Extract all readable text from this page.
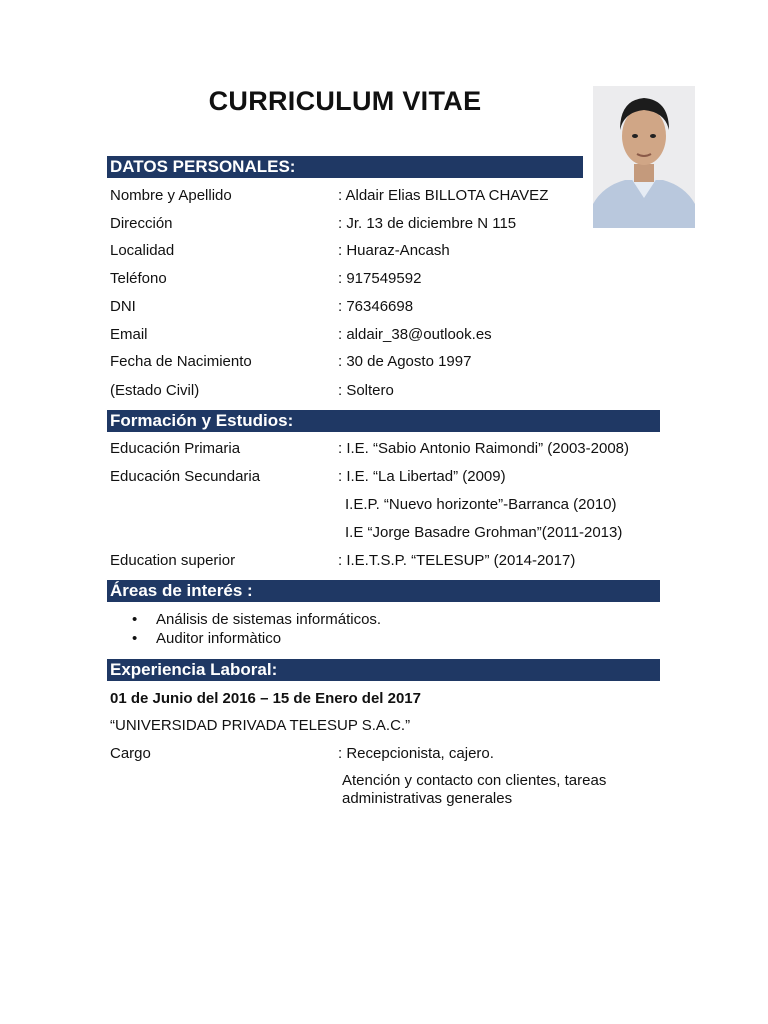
CURRICULUM VITAE
DATOS PERSONALES:
Nombre y Apellido	: Aldair Elias BILLOTA CHAVEZ
Dirección	: Jr. 13 de diciembre N 115
Localidad	: Huaraz-Ancash
Teléfono	: 917549592
DNI	: 76346698
Email	: aldair_38@outlook.es
Fecha de Nacimiento	: 30 de Agosto 1997
(Estado Civil)	: Soltero
Formación y Estudios:
Educación Primaria	: I.E. “Sabio Antonio Raimondi” (2003-2008)
Educación Secundaria	: I.E. “La Libertad” (2009)
I.E.P. “Nuevo horizonte”-Barranca (2010)
I.E “Jorge Basadre Grohman”(2011-2013)
Education superior	: I.E.T.S.P. “TELESUP” (2014-2017)
Áreas de interés :
• Análisis de sistemas informáticos.
• Auditor informàtico
Experiencia Laboral:
01 de Junio del 2016 – 15 de Enero del 2017
“UNIVERSIDAD PRIVADA TELESUP S.A.C.”
Cargo	: Recepcionista, cajero.
Atención y contacto con clientes, tareas administrativas generales
